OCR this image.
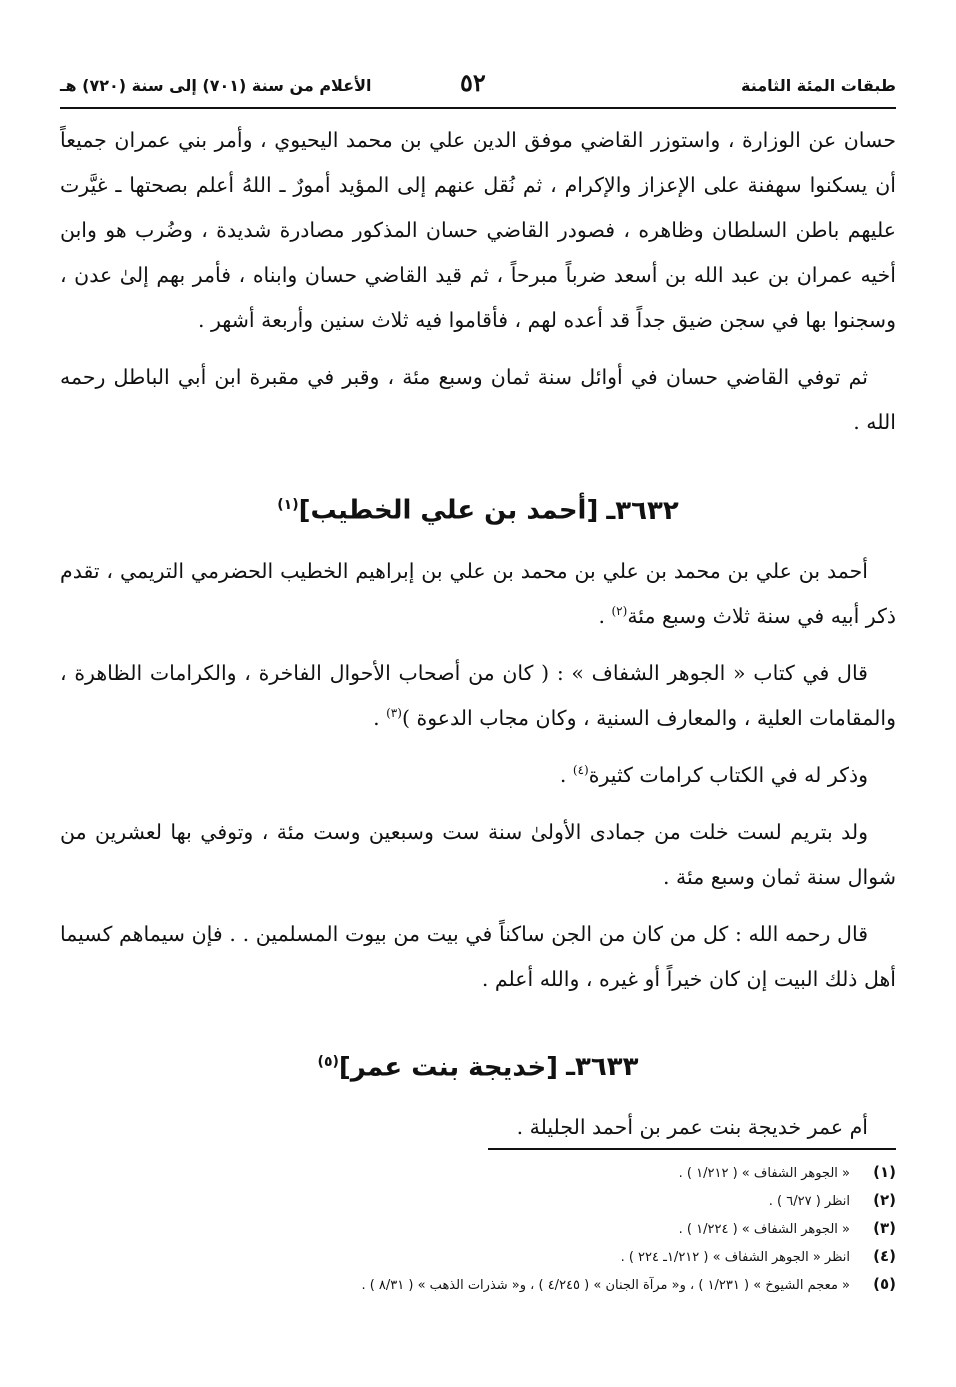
طبقات المئة الثامنة
٥٢
الأعلام من سنة (٧٠١) إلى سنة (٧٢٠) هـ

حسان عن الوزارة ، واستوزر القاضي موفق الدين علي بن محمد اليحيوي ، وأمر بني عمران جميعاً أن يسكنوا سهفنة على الإعزاز والإكرام ، ثم نُقل عنهم إلى المؤيد أمورٌ ـ اللهُ أعلم بصحتها ـ غيَّرت عليهم باطن السلطان وظاهره ، فصودر القاضي حسان المذكور مصادرة شديدة ، وضُرب هو وابن أخيه عمران بن عبد الله بن أسعد ضرباً مبرحاً ، ثم قيد القاضي حسان وابناه ، فأمر بهم إلىٰ عدن ، وسجنوا بها في سجن ضيق جداً قد أعده لهم ، فأقاموا فيه ثلاث سنين وأربعة أشهر .

ثم توفي القاضي حسان في أوائل سنة ثمان وسبع مئة ، وقبر في مقبرة ابن أبي الباطل رحمه الله .

٣٦٣٢ـ[أحمد بن علي الخطيب]$^{(١)}$

أحمد بن علي بن محمد بن علي بن محمد بن علي بن إبراهيم الخطيب الحضرمي التريمي ، تقدم ذكر أبيه في سنة ثلاث وسبع مئة$^{(٢)}$ .

قال في كتاب « الجوهر الشفاف » : ( كان من أصحاب الأحوال الفاخرة ، والكرامات الظاهرة ، والمقامات العلية ، والمعارف السنية ، وكان مجاب الدعوة )$^{(٣)}$ .

وذكر له في الكتاب كرامات كثيرة$^{(٤)}$ .

ولد بتريم لست خلت من جمادى الأولىٰ سنة ست وسبعين وست مئة ، وتوفي بها لعشرين من شوال سنة ثمان وسبع مئة .

قال رحمه الله : كل من كان من الجن ساكناً في بيت من بيوت المسلمين . . فإن سيماهم كسيما أهل ذلك البيت إن كان خيراً أو غيره ، والله أعلم .

٣٦٣٣ـ[خديجة بنت عمر]$^{(٥)}$

أم عمر خديجة بنت عمر بن أحمد الجليلة .

(١)
« الجوهر الشفاف » ( ١/٢١٢ ) .
(٢)
انظر ( ٦/٢٧ ) .
(٣)
« الجوهر الشفاف » ( ١/٢٢٤ ) .
(٤)
انظر « الجوهر الشفاف » ( ١/٢١٢ـ ٢٢٤ ) .
(٥)
« معجم الشيوخ » ( ١/٢٣١ ) ، و« مرآة الجنان » ( ٤/٢٤٥ ) ، و« شذرات الذهب » ( ٨/٣١ ) .
